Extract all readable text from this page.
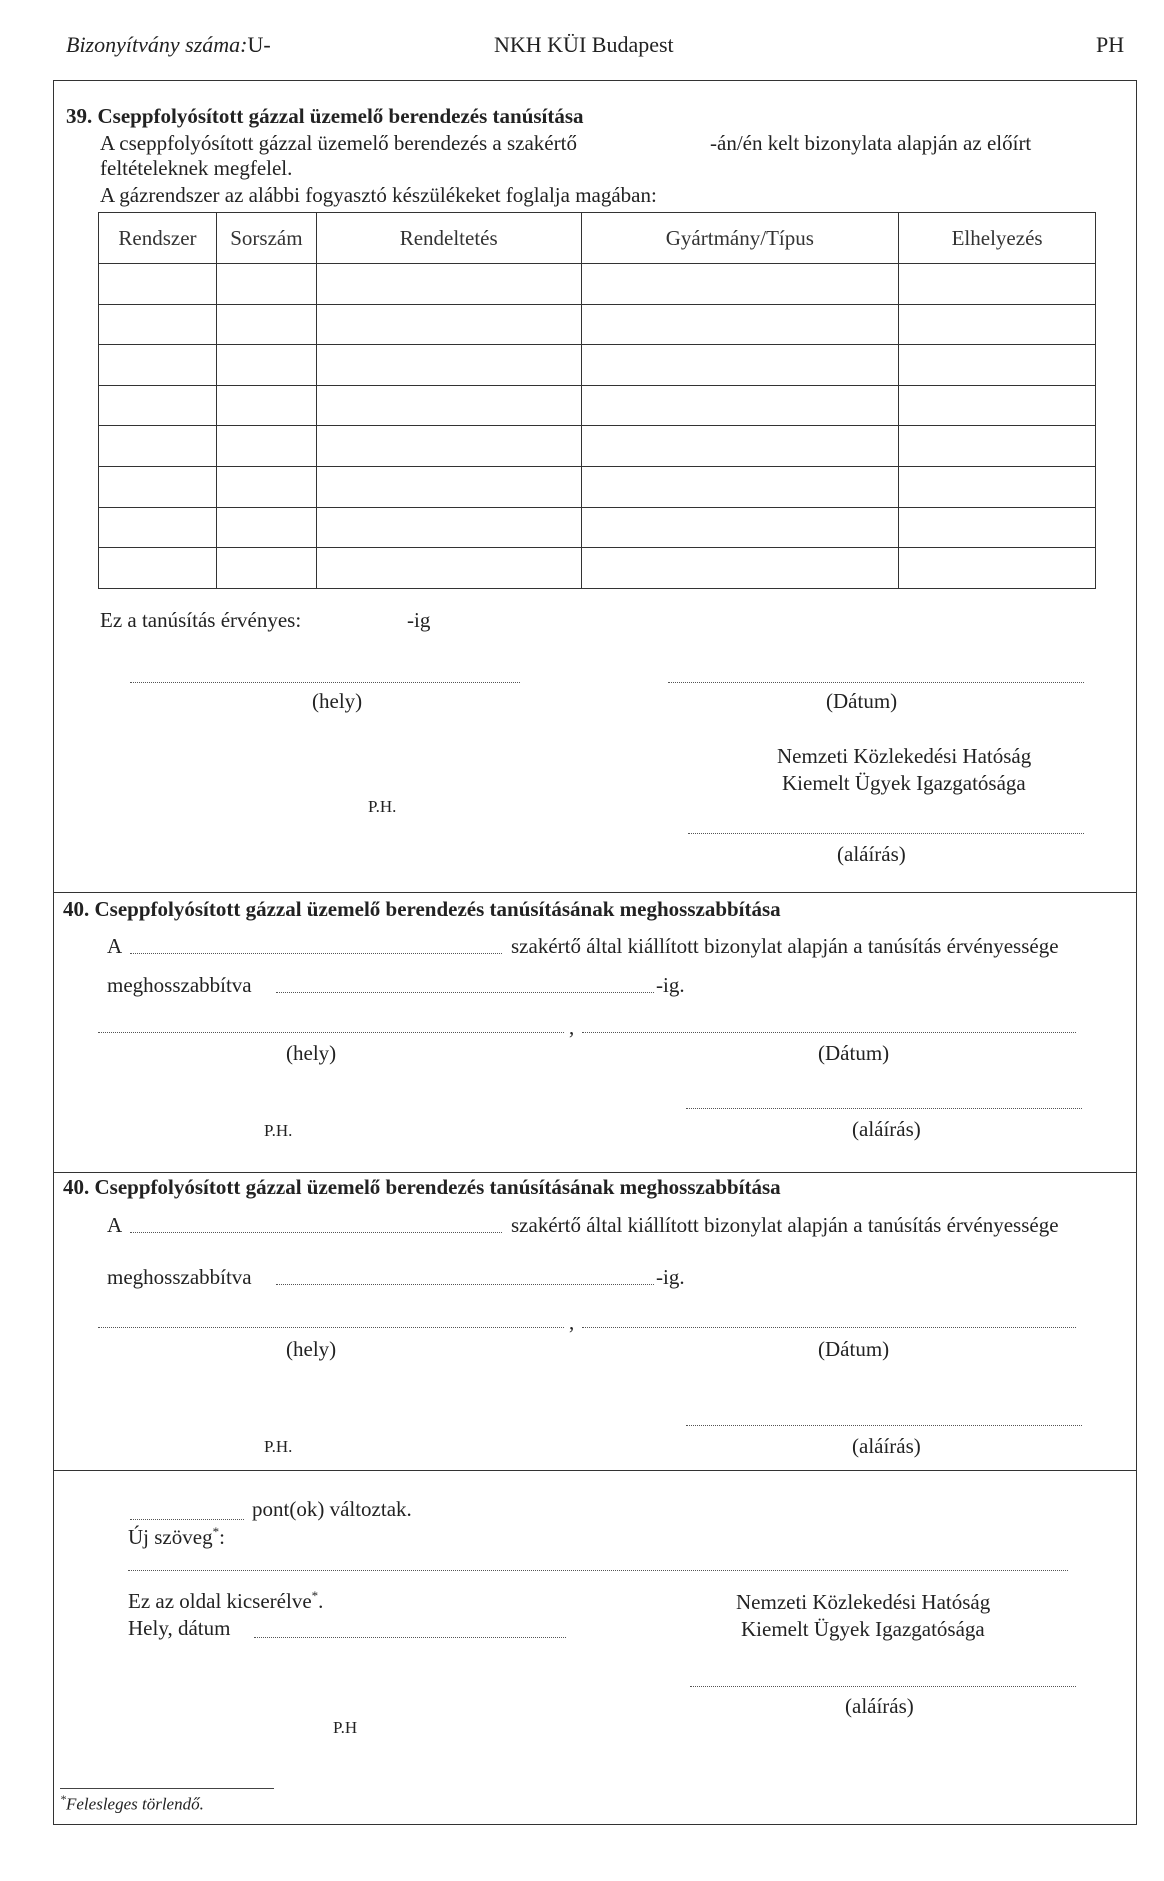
Bizonyítvány száma:U-	NKH KÜI Budapest	PH
39. Cseppfolyósított gázzal üzemelő berendezés tanúsítása
A cseppfolyósított gázzal üzemelő berendezés a szakértő	-án/én kelt bizonylata alapján az előírt
feltételeknek megfelel.
A gázrendszer az alábbi fogyasztó készülékeket foglalja magában:
Rendszer	Sorszám	Rendeltetés	Gyártmány/Típus	Elhelyezés

Ez a tanúsítás érvényes:	-ig
(hely)	(Dátum)
Nemzeti Közlekedési Hatóság
Kiemelt Ügyek Igazgatósága
P.H.
(aláírás)
40. Cseppfolyósított gázzal üzemelő berendezés tanúsításának meghosszabbítása
A	szakértő által kiállított bizonylat alapján a tanúsítás érvényessége
meghosszabbítva	-ig.
,
(hely)	(Dátum)
P.H.	(aláírás)
40. Cseppfolyósított gázzal üzemelő berendezés tanúsításának meghosszabbítása
A	szakértő által kiállított bizonylat alapján a tanúsítás érvényessége
meghosszabbítva	-ig.
,
(hely)	(Dátum)
P.H.	(aláírás)
pont(ok) változtak.
Új szöveg*:
Ez az oldal kicserélve*.
Hely, dátum
Nemzeti Közlekedési Hatóság
Kiemelt Ügyek Igazgatósága
(aláírás)
P.H
*Felesleges törlendő.
